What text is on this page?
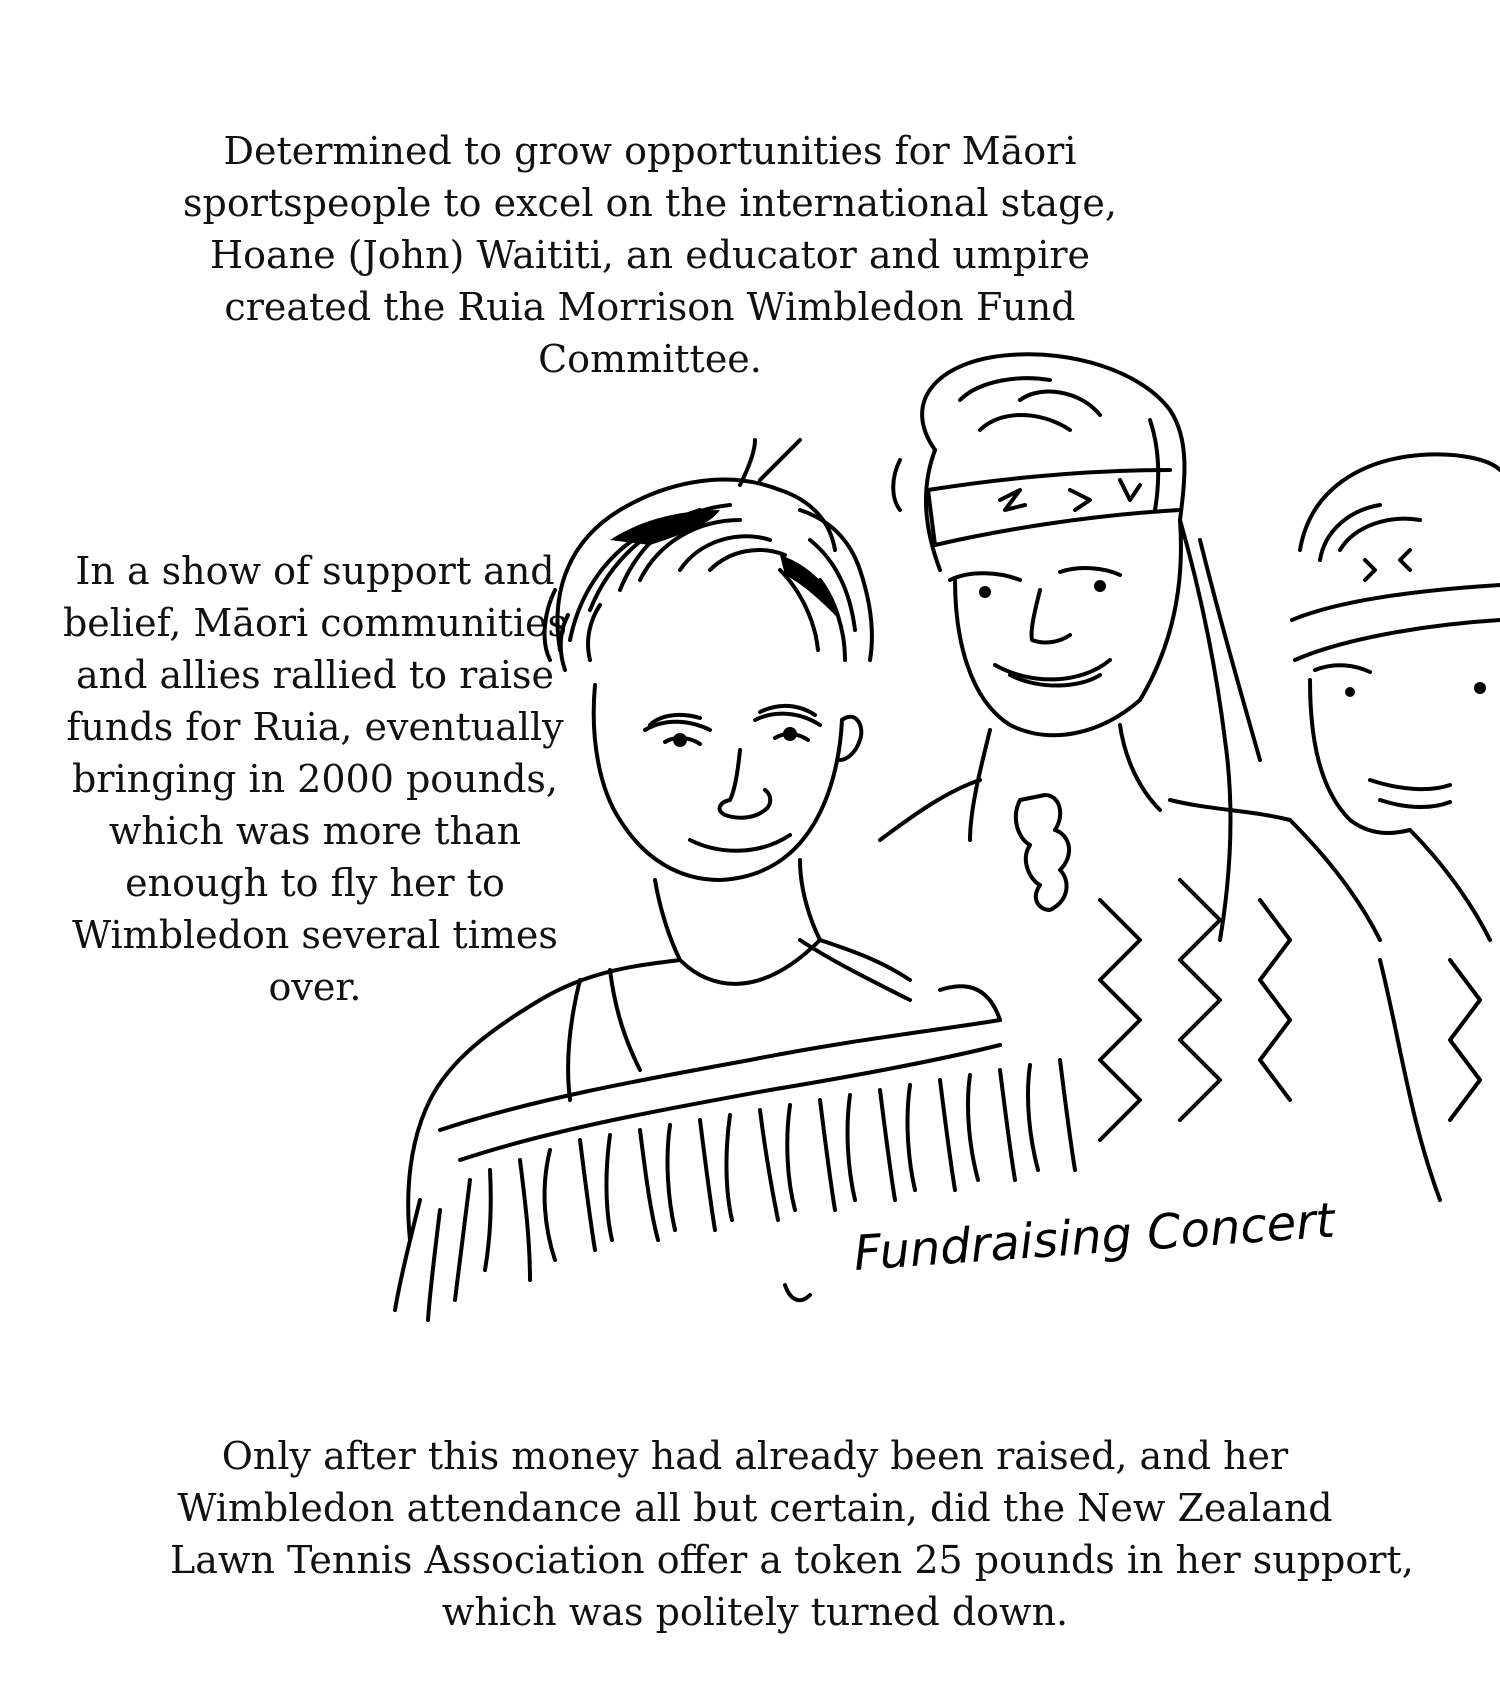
Determined to grow opportunities for Māori
sportspeople to excel on the international stage,
Hoane (John) Waititi, an educator and umpire
created the Ruia Morrison Wimbledon Fund
Committee.

In a show of support and
belief, Māori communities
and allies rallied to raise
funds for Ruia, eventually
bringing in 2000 pounds,
which was more than
enough to fly her to
Wimbledon several times
over.

Fundraising Concert

Only after this money had already been raised, and her
Wimbledon attendance all but certain, did the New Zealand
Lawn Tennis Association offer a token 25 pounds in her support,
which was politely turned down.
